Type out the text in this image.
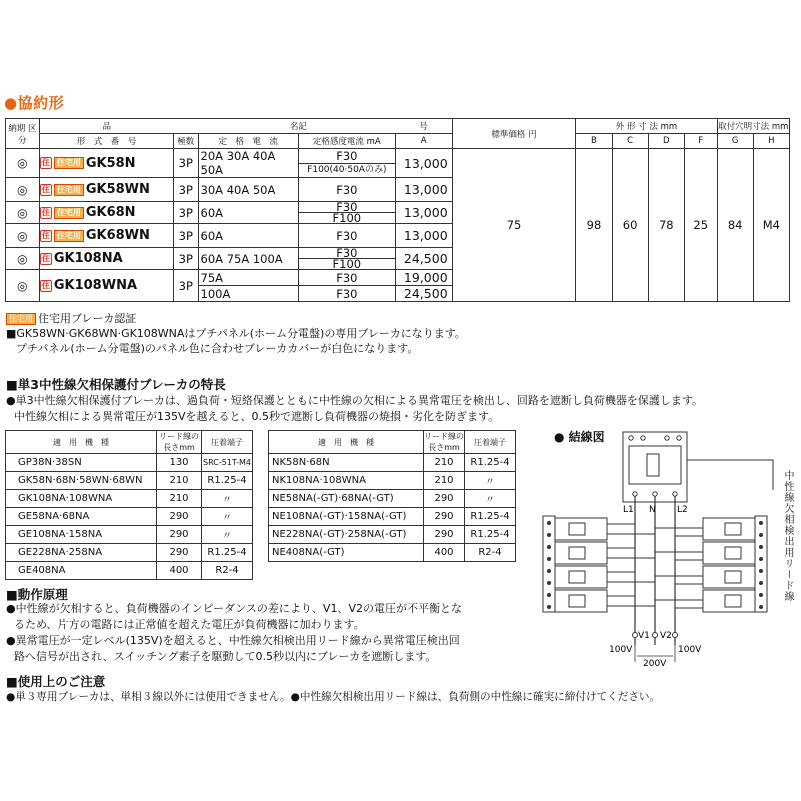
●協約形
納期 区分	品	名		記	号	標準価格 円	外 形 寸 法 mm				取付穴明寸法 mm	
	形　式　番　号	極数	定　格　電　流	定格感度電流 mA	A		B	C	D	F	G	H
◎	住 住宅用 GK58N	3P	20A 30A 40A 50A	F30	13,000	75	98	60	78	25	84	M4
				F100(40·50Aのみ)								
◎	住 住宅用 GK58WN	3P	30A 40A 50A	F30	13,000							
◎	住 住宅用 GK68N	3P	60A	F30	13,000							
				F100								
◎	住 住宅用 GK68WN	3P	60A	F30	13,000							
◎	住 GK108NA	3P	60A 75A 100A	F30	24,500							
				F100								
◎	住 GK108WNA	3P	75A	F30	19,000							
			100A	F30	24,500							
住宅用 住宅用ブレーカ認証
■GK58WN·GK68WN·GK108WNAはプチパネル(ホーム分電盤)の専用ブレーカになります。
プチパネル(ホーム分電盤)のパネル色に合わせブレーカカバーが白色になります。
■単3中性線欠相保護付ブレーカの特長
●単3中性線欠相保護付ブレーカは、過負荷・短絡保護とともに中性線の欠相による異常電圧を検出し、回路を遮断し負荷機器を保護します。
中性線欠相による異常電圧が135Vを越えると、0.5秒で遮断し負荷機器の焼損・劣化を防ぎます。
適　用　機　種	リード線の長さmm	圧着端子
GP38N·38SN	130	SRC-51T-M4
GK58N·68N·58WN·68WN	210	R1.25-4
GK108NA·108WNA	210	〃
GE58NA·68NA	290	〃
GE108NA·158NA	290	〃
GE228NA·258NA	290	R1.25-4
GE408NA	400	R2-4
適　用　機　種	リード線の長さmm	圧着端子
NK58N·68N	210	R1.25-4
NK108NA·108WNA	210	〃
NE58NA(-GT)·68NA(-GT)	290	〃
NE108NA(-GT)·158NA(-GT)	290	R1.25-4
NE228NA(-GT)·258NA(-GT)	290	R1.25-4
NE408NA(-GT)	400	R2-4
■動作原理
●中性線が欠相すると、負荷機器のインピーダンスの差により、V1、V2の電圧が不平衡とな
るため、片方の電路には正常値を超えた電圧が負荷機器に加わります。
●異常電圧が一定レベル(135V)を超えると、中性線欠相検出用リード線から異常電圧検出回
路へ信号が出され、スイッチング素子を駆動して0.5秒以内にブレーカを遮断します。
■使用上のご注意
●単３専用ブレーカは、単相３線以外には使用できません。●中性線欠相検出用リード線は、負荷側の中性線に確実に締付けてください。
● 結線図
中性線欠相検出用リード線
L1 N L2
V1 V2
100V	100V
200V
